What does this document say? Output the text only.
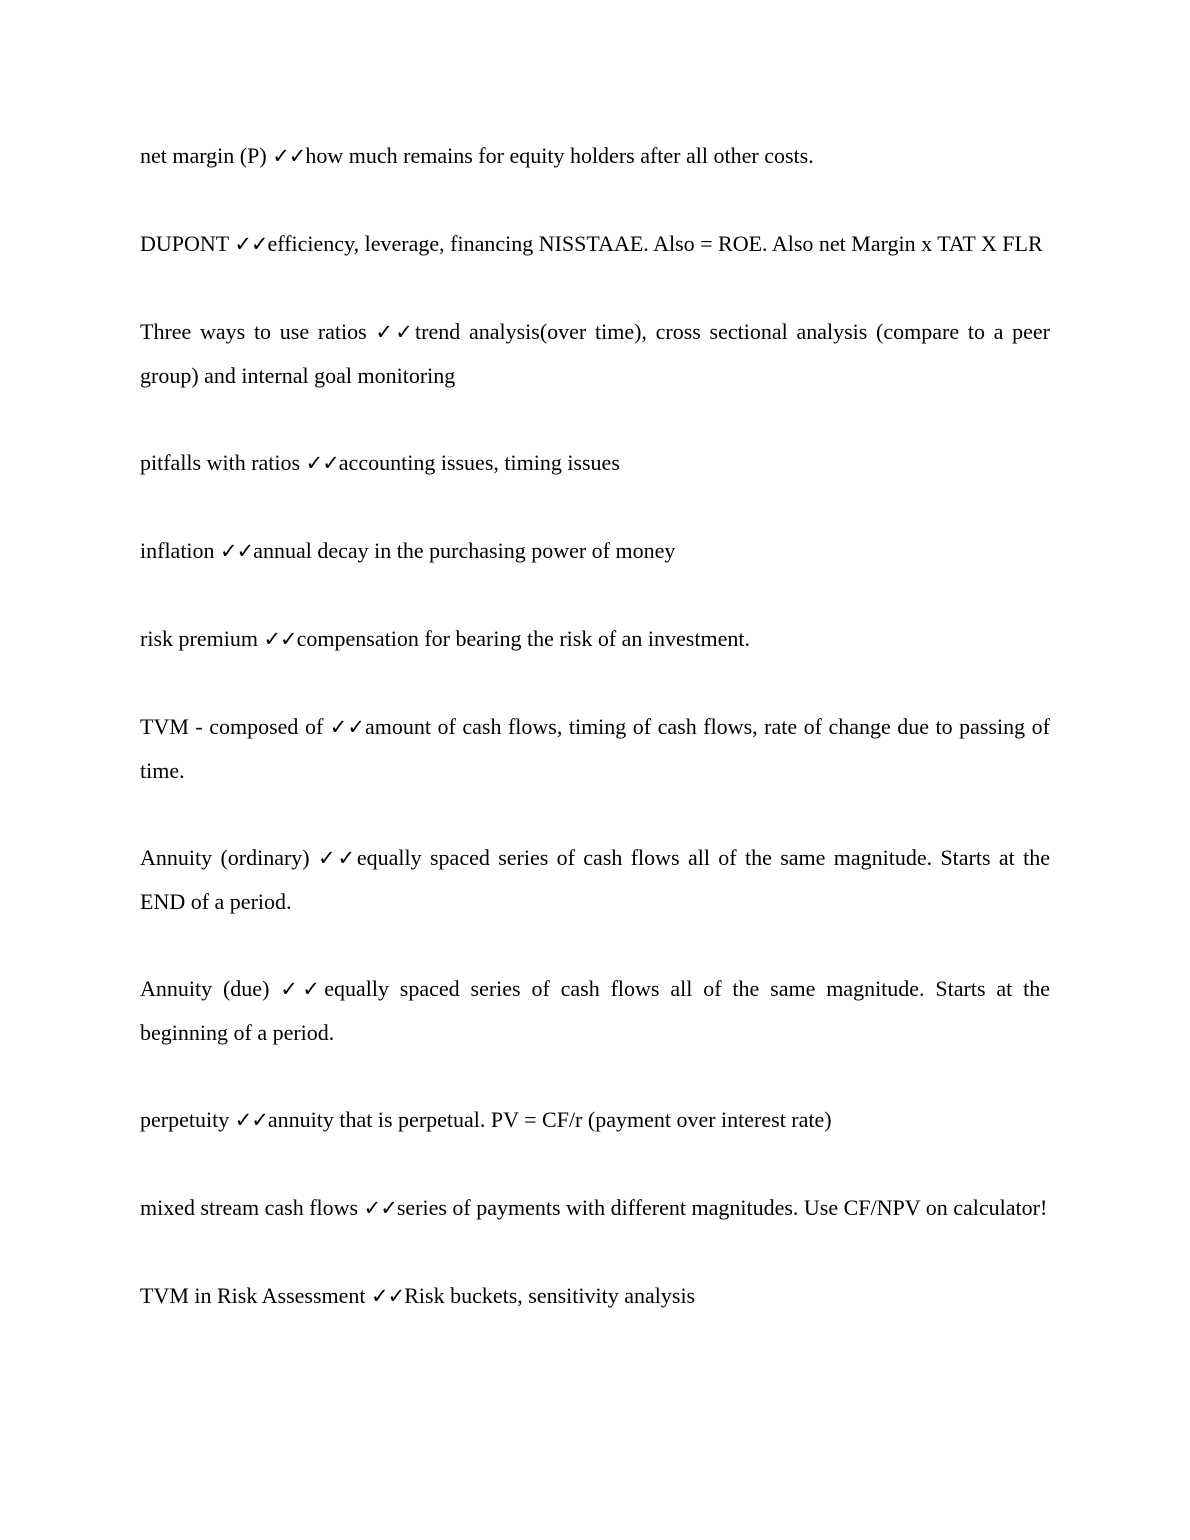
net margin (P) ✓✓how much remains for equity holders after all other costs.

DUPONT ✓✓efficiency, leverage, financing NISSTAAE. Also = ROE. Also net Margin x TAT X FLR

Three ways to use ratios ✓✓trend analysis(over time), cross sectional analysis (compare to a peer group) and internal goal monitoring

pitfalls with ratios ✓✓accounting issues, timing issues

inflation ✓✓annual decay in the purchasing power of money

risk premium ✓✓compensation for bearing the risk of an investment.

TVM - composed of ✓✓amount of cash flows, timing of cash flows, rate of change due to passing of time.

Annuity (ordinary) ✓✓equally spaced series of cash flows all of the same magnitude. Starts at the END of a period.

Annuity (due) ✓✓equally spaced series of cash flows all of the same magnitude. Starts at the beginning of a period.

perpetuity ✓✓annuity that is perpetual. PV = CF/r (payment over interest rate)

mixed stream cash flows ✓✓series of payments with different magnitudes. Use CF/NPV on calculator!

TVM in Risk Assessment ✓✓Risk buckets, sensitivity analysis
